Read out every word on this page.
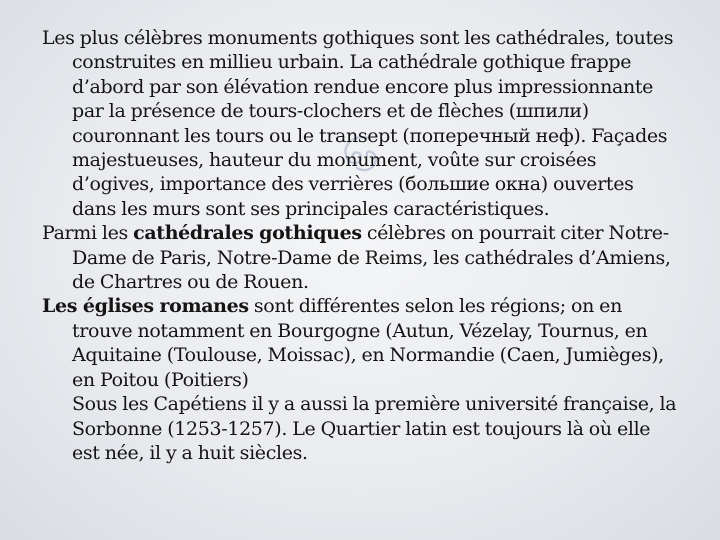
Les plus célèbres monuments gothiques sont les cathédrales, toutes construites en millieu urbain. La cathédrale gothique frappe d’abord par son élévation rendue encore plus impressionnante par la présence de tours-clochers et de flèches (шпили) couronnant les tours ou le transept (поперечный неф). Façades majestueuses, hauteur du monument, voûte sur croisées d’ogives, importance des verrières (большие окна) ouvertes dans les murs sont ses principales caractéristiques.

Parmi les cathédrales gothiques célèbres on pourrait citer Notre-Dame de Paris, Notre-Dame de Reims, les cathédrales d’Amiens, de Chartres ou de Rouen.

Les églises romanes sont différentes selon les régions; on en trouve notamment en Bourgogne (Autun, Vézelay, Tournus, en Aquitaine (Toulouse, Moissac), en Normandie (Caen, Jumièges), en Poitou (Poitiers)

Sous les Capétiens il y a aussi la première université française, la Sorbonne (1253-1257). Le Quartier latin est toujours là où elle est née, il y a huit siècles.
